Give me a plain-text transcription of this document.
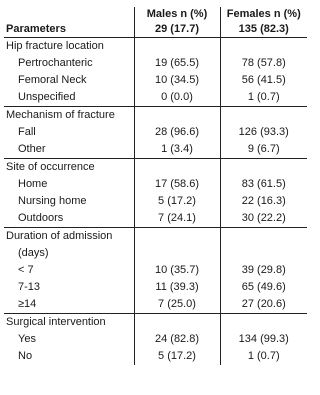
	Males n (%)	Females n (%)
Parameters	29 (17.7)	135 (82.3)
Hip fracture location		
Pertrochanteric	19 (65.5)	78 (57.8)
Femoral Neck	10 (34.5)	56 (41.5)
Unspecified	0 (0.0)	1 (0.7)
Mechanism of fracture		
Fall	28 (96.6)	126 (93.3)
Other	1 (3.4)	9 (6.7)
Site of occurrence		
Home	17 (58.6)	83 (61.5)
Nursing home	5 (17.2)	22 (16.3)
Outdoors	7 (24.1)	30 (22.2)
Duration of admission		
(days)		
< 7	10 (35.7)	39 (29.8)
7-13	11 (39.3)	65 (49.6)
≥14	7 (25.0)	27 (20.6)
Surgical intervention		
Yes	24 (82.8)	134 (99.3)
No	5 (17.2)	1 (0.7)
